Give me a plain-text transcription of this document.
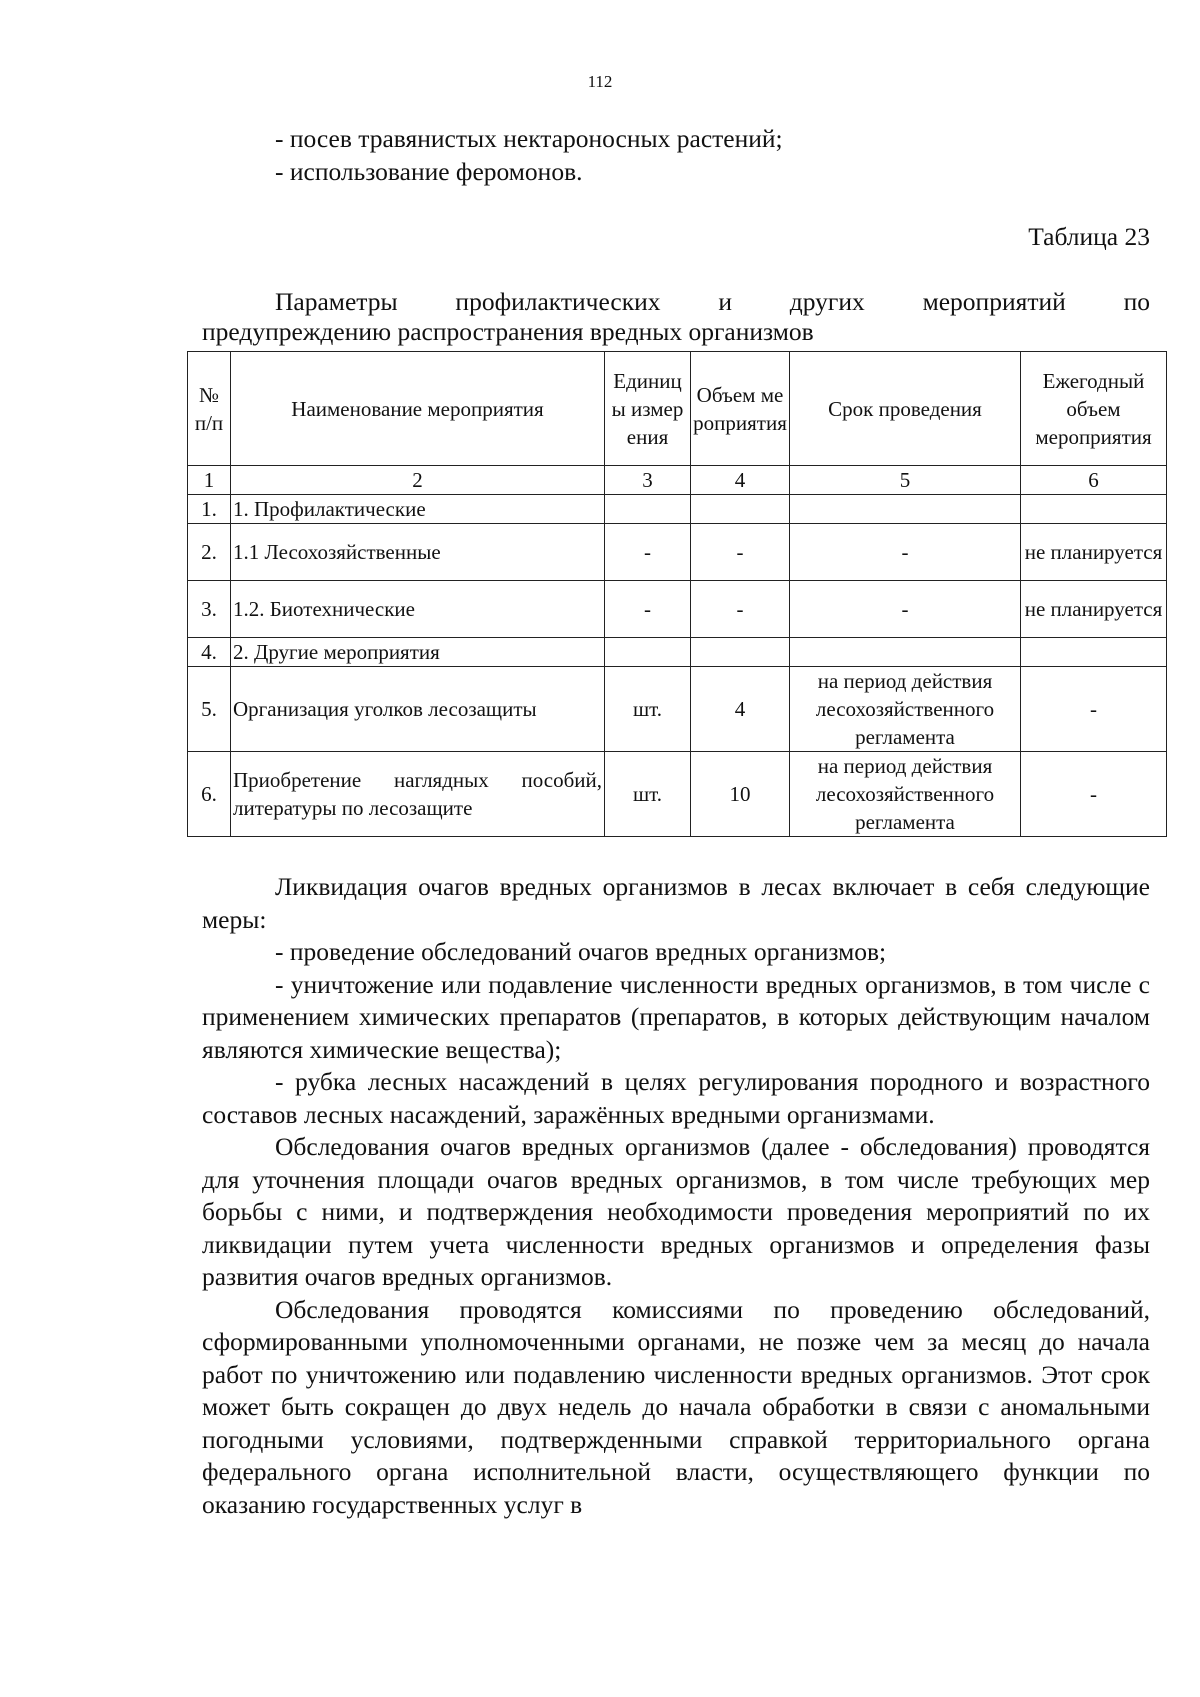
112

- посев травянистых нектароносных растений;

- использование феромонов.

Таблица 23

Параметры профилактических и других мероприятий по

предупреждению распространения вредных организмов

№ п/п	Наименование мероприятия	Единицы измерения	Объем мероприятия	Срок проведения	Ежегодный объем мероприятия
1	2	3	4	5	6
1.	1. Профилактические				
2.	1.1 Лесохозяйственные	-	-	-	не планируется
3.	1.2. Биотехнические	-	-	-	не планируется
4.	2. Другие мероприятия				
5.	Организация уголков лесозащиты	шт.	4	на период действия лесохозяйственного регламента	-
6.	Приобретение наглядных пособий, литературы по лесозащите	шт.	10	на период действия лесохозяйственного регламента	-

Ликвидация очагов вредных организмов в лесах включает в себя следующие меры:

- проведение обследований очагов вредных организмов;

- уничтожение или подавление численности вредных организмов, в том числе с применением химических препаратов (препаратов, в которых действующим началом являются химические вещества);

- рубка лесных насаждений в целях регулирования породного и возрастного составов лесных насаждений, заражённых вредными организмами.

Обследования очагов вредных организмов (далее - обследования) проводятся для уточнения площади очагов вредных организмов, в том числе требующих мер борьбы с ними, и подтверждения необходимости проведения мероприятий по их ликвидации путем учета численности вредных организмов и определения фазы развития очагов вредных организмов.

Обследования проводятся комиссиями по проведению обследований, сформированными уполномоченными органами, не позже чем за месяц до начала работ по уничтожению или подавлению численности вредных организмов. Этот срок может быть сокращен до двух недель до начала обработки в связи с аномальными погодными условиями, подтвержденными справкой территориального органа федерального органа исполнительной власти, осуществляющего функции по оказанию государственных услуг в
